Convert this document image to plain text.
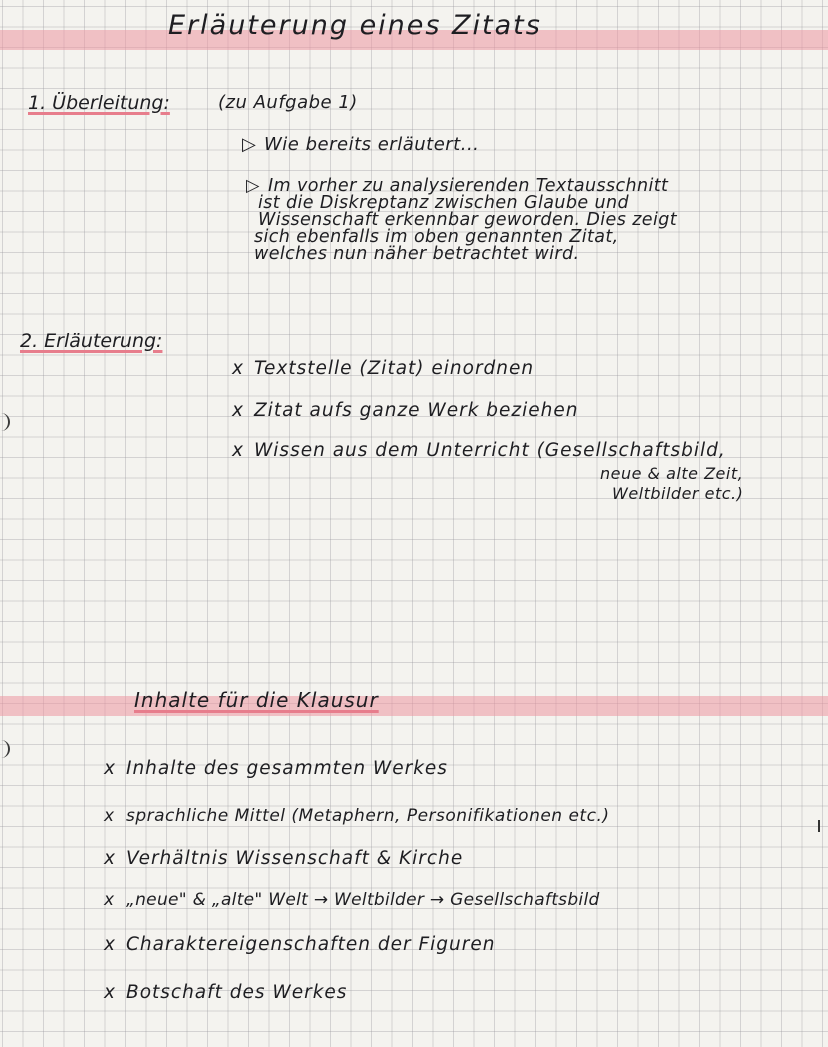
Erläuterung eines Zitats
1. Überleitung:	(zu Aufgabe 1)
▷ Wie bereits erläutert...
▷ Im vorher zu analysierenden Textausschnitt
ist die Diskreptanz zwischen Glaube und
Wissenschaft erkennbar geworden. Dies zeigt
sich ebenfalls im oben genannten Zitat,
welches nun näher betrachtet wird.
2. Erläuterung:
x Textstelle (Zitat) einordnen
x Zitat aufs ganze Werk beziehen
x Wissen aus dem Unterricht (Gesellschaftsbild,
neue & alte Zeit,
Weltbilder etc.)
Inhalte für die Klausur
x Inhalte des gesammten Werkes
x sprachliche Mittel (Metaphern, Personifikationen etc.)
x Verhältnis Wissenschaft & Kirche
x „neue" & „alte" Welt → Weltbilder → Gesellschaftsbild
x Charaktereigenschaften der Figuren
x Botschaft des Werkes
